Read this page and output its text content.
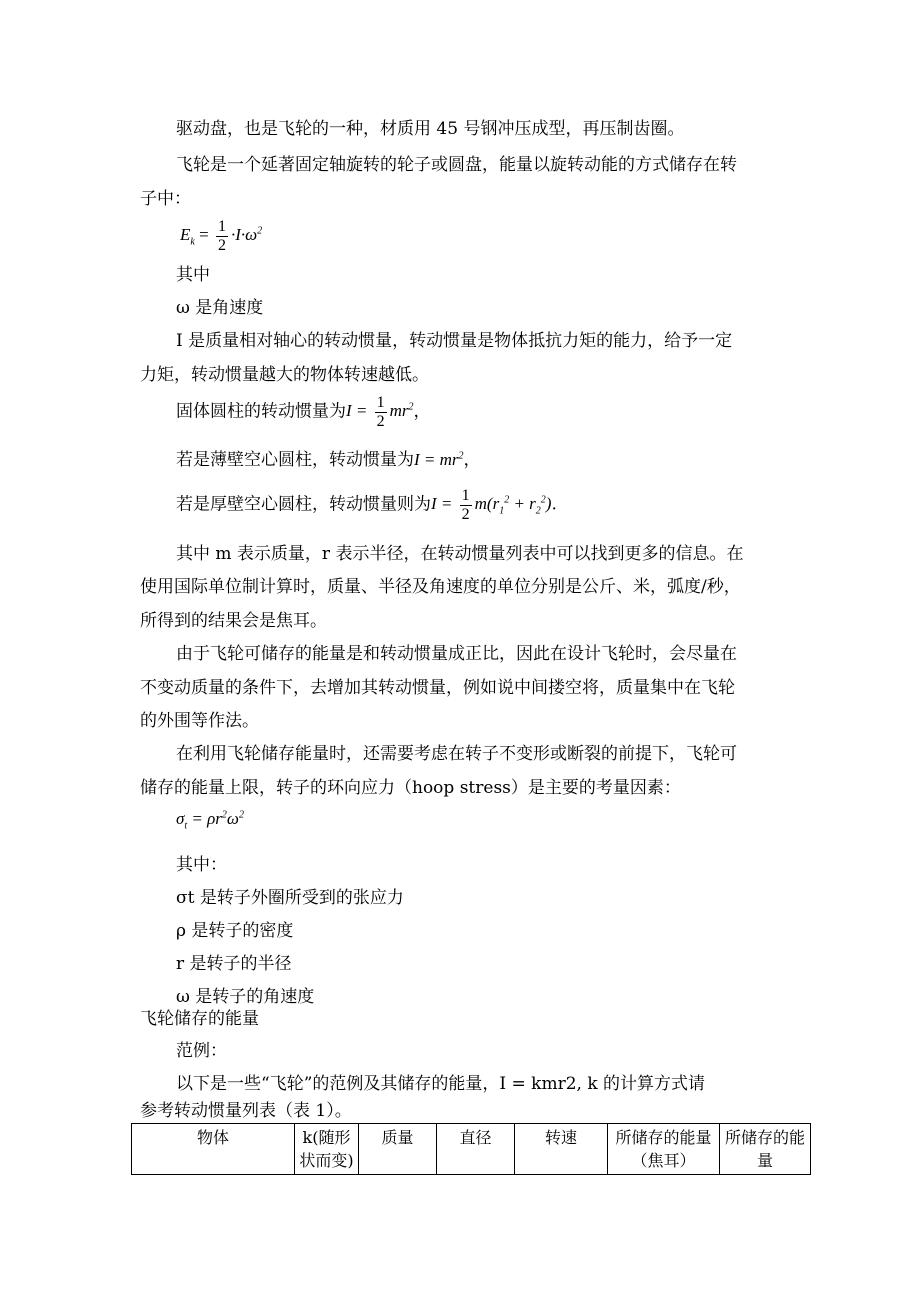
驱动盘，也是飞轮的一种，材质用 45 号钢冲压成型，再压制齿圈。
飞轮是一个延著固定轴旋转的轮子或圆盘，能量以旋转动能的方式储存在转
子中：
$E_k = \frac{1}{2} \cdot I\cdot\omega^2$
其中
ω 是角速度
I 是质量相对轴心的转动惯量，转动惯量是物体抵抗力矩的能力，给予一定
力矩，转动惯量越大的物体转速越低。
固体圆柱的转动惯量为$I = \frac{1}{2} mr^2$，
若是薄壁空心圆柱，转动惯量为$I = mr^2$，
若是厚壁空心圆柱，转动惯量则为$I = \frac{1}{2} m(r_1^2 + r_2^2)$.
其中 m 表示质量，r 表示半径，在转动惯量列表中可以找到更多的信息。在
使用国际单位制计算时，质量、半径及角速度的单位分别是公斤、米，弧度/秒，
所得到的结果会是焦耳。
由于飞轮可储存的能量是和转动惯量成正比，因此在设计飞轮时，会尽量在
不变动质量的条件下，去增加其转动惯量，例如说中间搂空将，质量集中在飞轮
的外围等作法。
在利用飞轮储存能量时，还需要考虑在转子不变形或断裂的前提下，飞轮可
储存的能量上限，转子的环向应力（hoop stress）是主要的考量因素：
$\sigma_t = \rho r^2\omega^2$
其中：
σt 是转子外圈所受到的张应力
ρ 是转子的密度
r 是转子的半径
ω 是转子的角速度
飞轮储存的能量
范例：
以下是一些“飞轮”的范例及其储存的能量，I = kmr2, k 的计算方式请
参考转动惯量列表（表 1）。
物体	k(随形状而变)	质量	直径	转速	所储存的能量（焦耳）	所储存的能量
